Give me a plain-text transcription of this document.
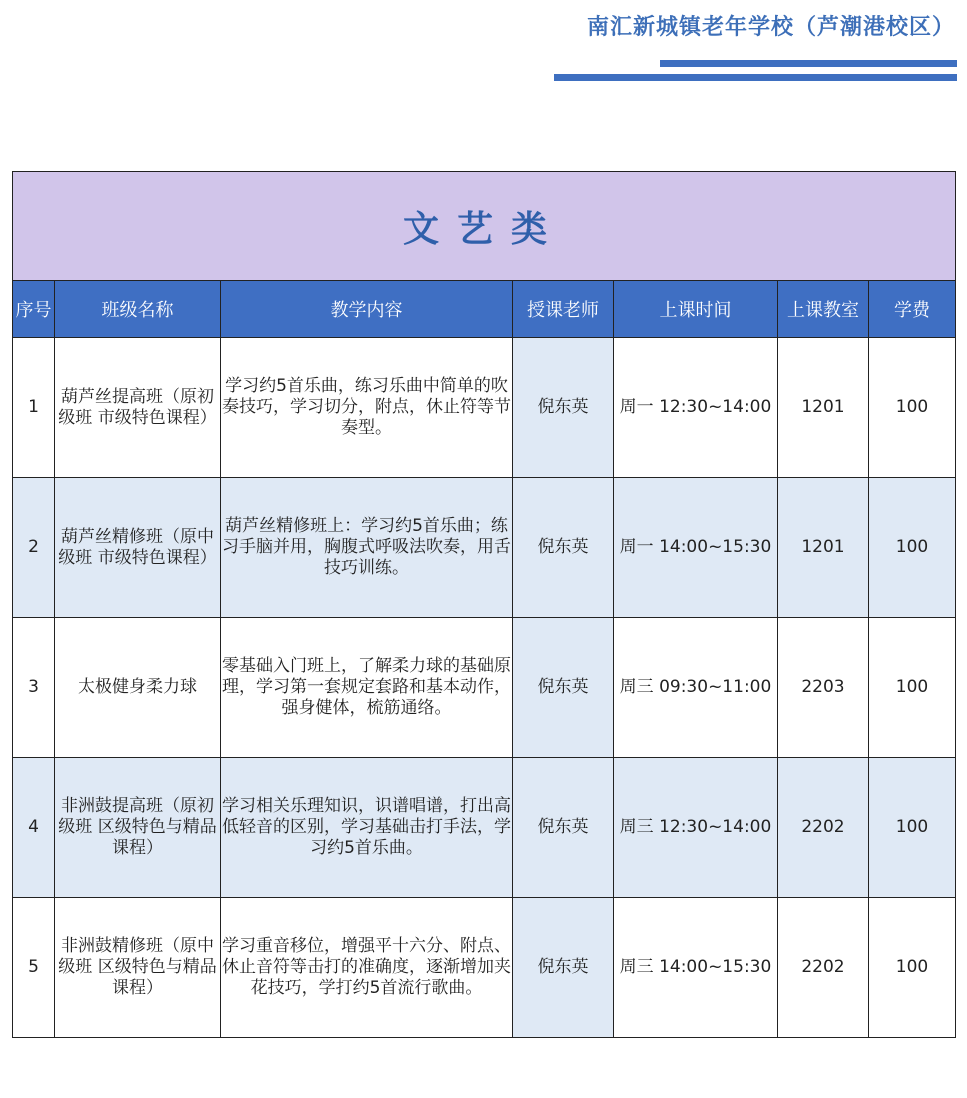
南汇新城镇老年学校（芦潮港校区）
文艺类						
序号	班级名称	教学内容	授课老师	上课时间	上课教室	学费
1	葫芦丝提高班（原初级班 市级特色课程）	学习约5首乐曲，练习乐曲中简单的吹奏技巧，学习切分，附点，休止符等节奏型。	倪东英	周一 12:30~14:00	1201	100
2	葫芦丝精修班（原中级班 市级特色课程）	葫芦丝精修班上：学习约5首乐曲；练习手脑并用，胸腹式呼吸法吹奏，用舌技巧训练。	倪东英	周一 14:00~15:30	1201	100
3	太极健身柔力球	零基础入门班上，了解柔力球的基础原理，学习第一套规定套路和基本动作，强身健体，梳筋通络。	倪东英	周三 09:30~11:00	2203	100
4	非洲鼓提高班（原初级班 区级特色与精品课程）	学习相关乐理知识，识谱唱谱，打出高低轻音的区别，学习基础击打手法，学习约5首乐曲。	倪东英	周三 12:30~14:00	2202	100
5	非洲鼓精修班（原中级班 区级特色与精品课程）	学习重音移位，增强平十六分、附点、休止音符等击打的准确度，逐渐增加夹花技巧，学打约5首流行歌曲。	倪东英	周三 14:00~15:30	2202	100
